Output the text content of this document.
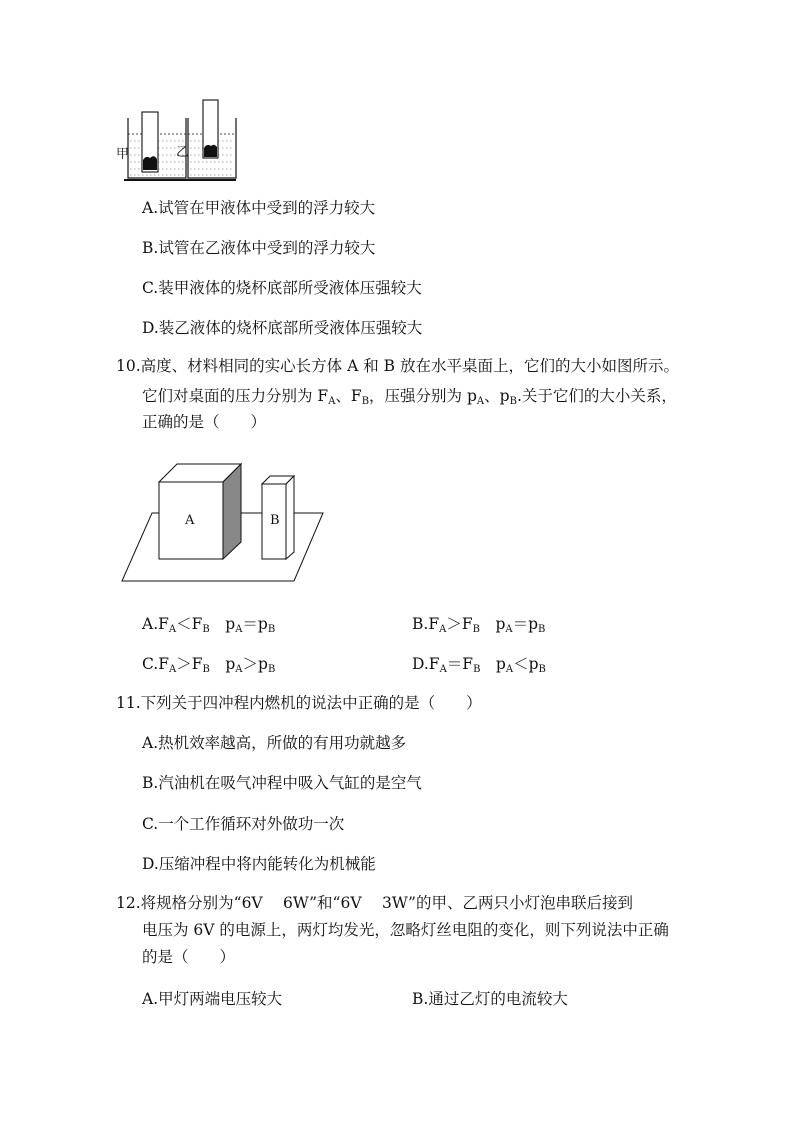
甲	乙
A.试管在甲液体中受到的浮力较大
B.试管在乙液体中受到的浮力较大
C.装甲液体的烧杯底部所受液体压强较大
D.装乙液体的烧杯底部所受液体压强较大
10.高度、材料相同的实心长方体 A 和 B 放在水平桌面上，它们的大小如图所示。
它们对桌面的压力分别为 $F_A$、$F_B$，压强分别为 $p_A$、$p_B$.关于它们的大小关系，
正确的是（　　）
A	B
$A.F_A<F_B$　$p_A=p_B$	$B.F_A>F_B$　$p_A=p_B$
$C.F_A>F_B$　$p_A>p_B$	$D.F_A=F_B$　$p_A<p_B$
11.下列关于四冲程内燃机的说法中正确的是（　　）
A.热机效率越高，所做的有用功就越多
B.汽油机在吸气冲程中吸入气缸的是空气
C.一个工作循环对外做功一次
D.压缩冲程中将内能转化为机械能
12.将规格分别为“6V　 6W”和“6V　 3W”的甲、乙两只小灯泡串联后接到
电压为 6V 的电源上，两灯均发光，忽略灯丝电阻的变化，则下列说法中正确
的是（　　）
A.甲灯两端电压较大	B.通过乙灯的电流较大
